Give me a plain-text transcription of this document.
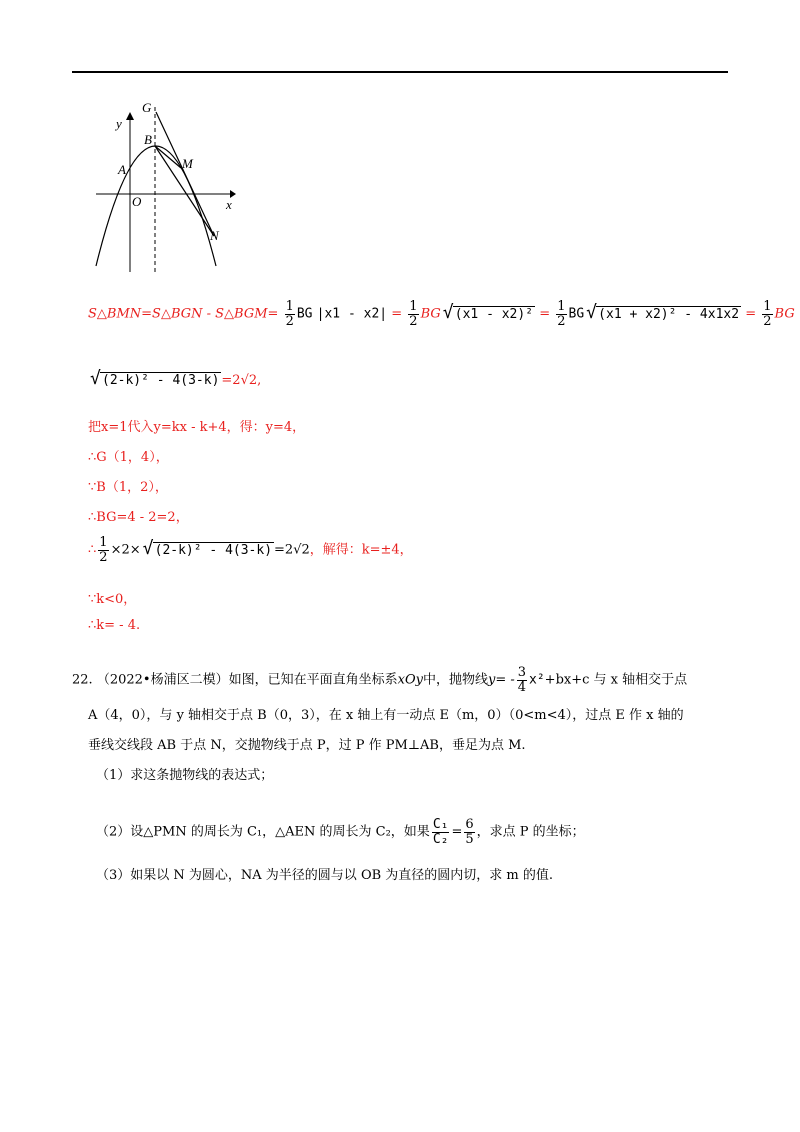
y
x
O
A
B
G
M
N
S△BMN=S△BGN - S△BGM= $\frac{1}{2}$ BG $|x1 - x2| = \frac{1}{2}$ BG √ $(x1 - x2)^2 = \frac{1}{2}$ BG √ $(x1 + x2)^2 - 4x1x2 = \frac{1}{2}$ BG
√ (2-k)² - 4(3-k) =2√2,
把x=1代入y=kx - k+4，得：y=4，
∴G（1，4），
∵B（1，2），
∴BG=4 - 2=2，
∴ $\frac{1}{2} \times 2\times$ √ (2-k)² - 4(3-k) =2√2，解得：k=±4，
∵k<0，
∴k= - 4.
22. （2022•杨浦区二模）如图，已知在平面直角坐标系xOy中，抛物线$y= - \frac{3}{4} x^2+bx+c$ 与 x 轴相交于点
A（4，0），与 y 轴相交于点 B（0，3），在 x 轴上有一动点 E（m，0）（0<m<4），过点 E 作 x 轴的
垂线交线段 AB 于点 N，交抛物线于点 P，过 P 作 PM⊥AB，垂足为点 M.
（1）求这条抛物线的表达式；
（2）设△PMN 的周长为 C₁，△AEN 的周长为 C₂，如果 $\frac{\text{C₁}}{\text{C₂}} = \frac{6}{5}$ ，求点 P 的坐标；
（3）如果以 N 为圆心，NA 为半径的圆与以 OB 为直径的圆内切，求 m 的值.
